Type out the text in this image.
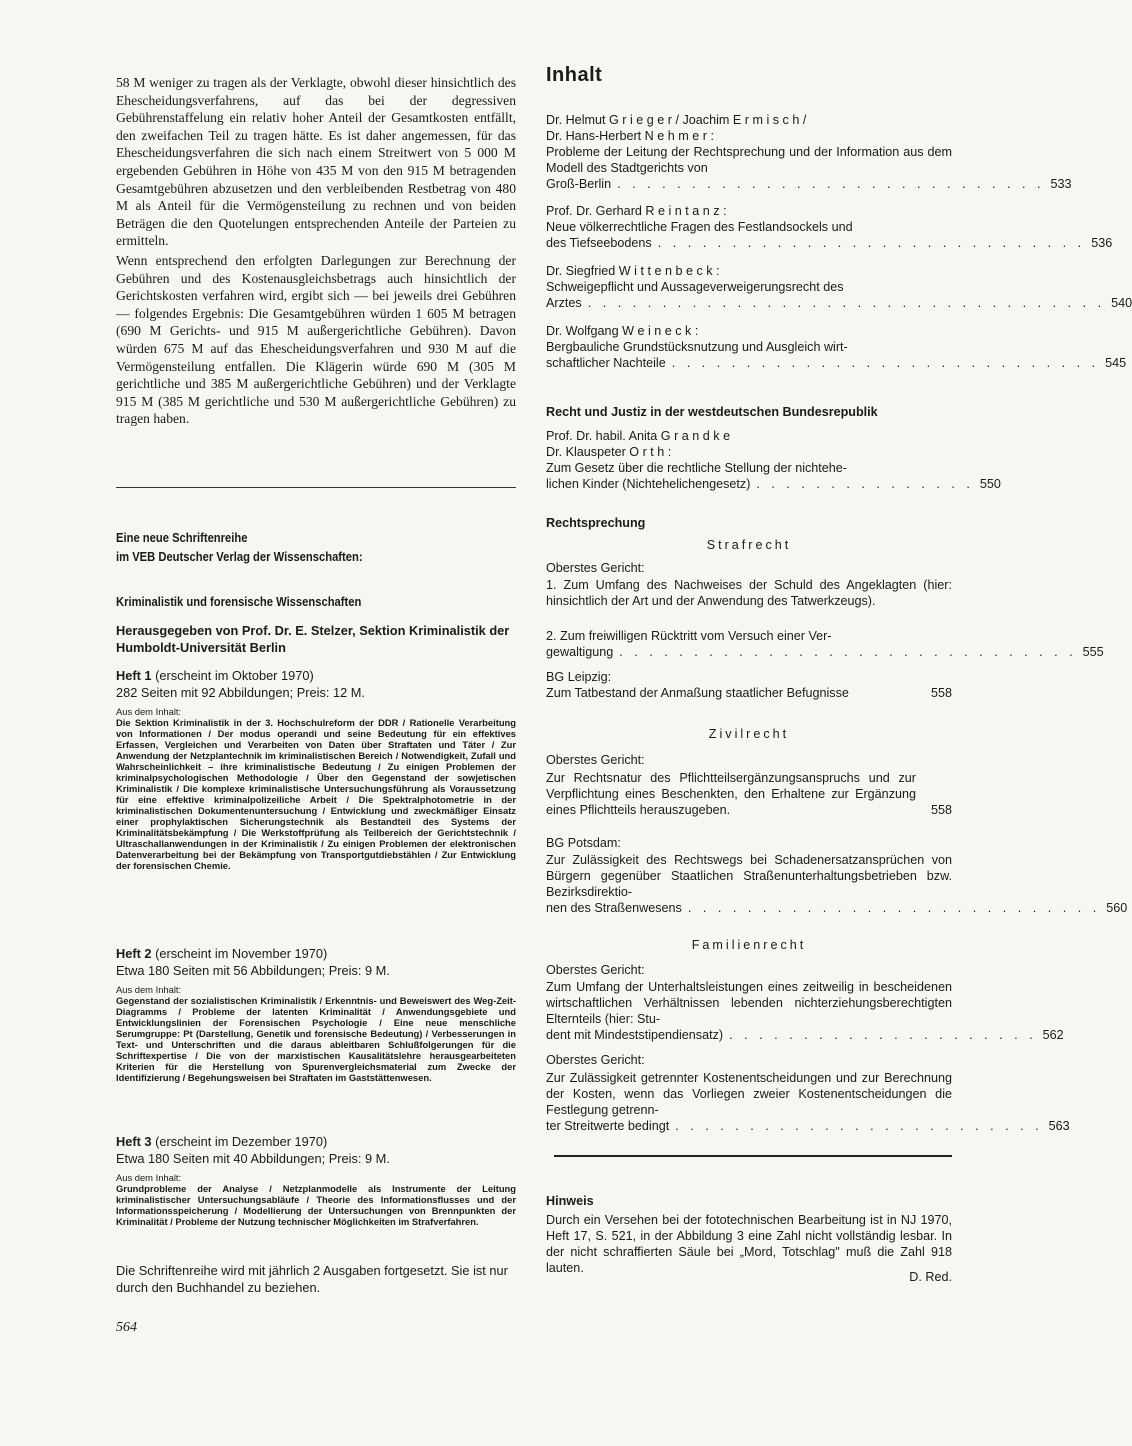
58 M weniger zu tragen als der Verklagte, obwohl dieser hinsichtlich des Ehescheidungsverfahrens, auf das bei der degressiven Gebührenstaffelung ein relativ hoher Anteil der Gesamtkosten entfällt, den zweifachen Teil zu tragen hätte. Es ist daher angemessen, für das Ehescheidungsverfahren die sich nach einem Streitwert von 5 000 M ergebenden Gebühren in Höhe von 435 M von den 915 M betragenden Gesamtgebühren abzusetzen und den verbleibenden Restbetrag von 480 M als Anteil für die Vermögensteilung zu rechnen und von beiden Beträgen die den Quotelungen entsprechenden Anteile der Parteien zu ermitteln.

Wenn entsprechend den erfolgten Darlegungen zur Berechnung der Gebühren und des Kostenausgleichsbetrags auch hinsichtlich der Gerichtskosten verfahren wird, ergibt sich — bei jeweils drei Gebühren — folgendes Ergebnis: Die Gesamtgebühren würden 1 605 M betragen (690 M Gerichts- und 915 M außergerichtliche Gebühren). Davon würden 675 M auf das Ehescheidungsverfahren und 930 M auf die Vermögensteilung entfallen. Die Klägerin würde 690 M (305 M gerichtliche und 385 M außergerichtliche Gebühren) und der Verklagte 915 M (385 M gerichtliche und 530 M außergerichtliche Gebühren) zu tragen haben.

Eine neue Schriftenreihe
im VEB Deutscher Verlag der Wissenschaften:
Kriminalistik und forensische Wissenschaften
Herausgegeben von Prof. Dr. E. Stelzer, Sektion Kriminalistik der Humboldt-Universität Berlin
Heft 1 (erscheint im Oktober 1970)
282 Seiten mit 92 Abbildungen; Preis: 12 M.
Aus dem Inhalt:
Die Sektion Kriminalistik in der 3. Hochschulreform der DDR / Rationelle Verarbeitung von Informationen / Der modus operandi und seine Bedeutung für ein effektives Erfassen, Vergleichen und Verarbeiten von Daten über Straftaten und Täter / Zur Anwendung der Netzplantechnik im kriminalistischen Bereich / Notwendigkeit, Zufall und Wahrscheinlichkeit – ihre kriminalistische Bedeutung / Zu einigen Problemen der kriminalpsychologischen Methodologie / Über den Gegenstand der sowjetischen Kriminalistik / Die komplexe kriminalistische Untersuchungsführung als Voraussetzung für eine effektive kriminalpolizeiliche Arbeit / Die Spektralphotometrie in der kriminalistischen Dokumentenuntersuchung / Entwicklung und zweckmäßiger Einsatz einer prophylaktischen Sicherungstechnik als Bestandteil des Systems der Kriminalitätsbekämpfung / Die Werkstoffprüfung als Teilbereich der Gerichtstechnik / Ultraschallanwendungen in der Kriminalistik / Zu einigen Problemen der elektronischen Datenverarbeitung bei der Bekämpfung von Transportgutdiebstählen / Zur Entwicklung der forensischen Chemie.
Heft 2 (erscheint im November 1970)
Etwa 180 Seiten mit 56 Abbildungen; Preis: 9 M.
Aus dem Inhalt:
Gegenstand der sozialistischen Kriminalistik / Erkenntnis- und Beweiswert des Weg-Zeit-Diagramms / Probleme der latenten Kriminalität / Anwendungsgebiete und Entwicklungslinien der Forensischen Psychologie / Eine neue menschliche Serumgruppe: Pt (Darstellung, Genetik und forensische Bedeutung) / Verbesserungen in Text- und Unterschriften und die daraus ableitbaren Schlußfolgerungen für die Schriftexpertise / Die von der marxistischen Kausalitätslehre herausgearbeiteten Kriterien für die Herstellung von Spurenvergleichsmaterial zum Zwecke der Identifizierung / Begehungsweisen bei Straftaten im Gaststättenwesen.
Heft 3 (erscheint im Dezember 1970)
Etwa 180 Seiten mit 40 Abbildungen; Preis: 9 M.
Aus dem Inhalt:
Grundprobleme der Analyse / Netzplanmodelle als Instrumente der Leitung kriminalistischer Untersuchungsabläufe / Theorie des Informationsflusses und der Informationsspeicherung / Modellierung der Untersuchungen von Brennpunkten der Kriminalität / Probleme der Nutzung technischer Möglichkeiten im Strafverfahren.
Die Schriftenreihe wird mit jährlich 2 Ausgaben fortgesetzt. Sie ist nur durch den Buchhandel zu beziehen.
564
Inhalt
Dr. Helmut G r i e g e r / Joachim E r m i s c h /
Dr. Hans-Herbert N e h m e r :
Probleme der Leitung der Rechtsprechung und der Information aus dem Modell des Stadtgerichts von
Groß-Berlin . . . . . . . . . . . . . . . . . . . . . . . . . . . . . 533
Prof. Dr. Gerhard R e i n t a n z :
Neue völkerrechtliche Fragen des Festlandsockels und
des Tiefseebodens . . . . . . . . . . . . . . . . . . . . . . . . . . . . . 536
Dr. Siegfried W i t t e n b e c k :
Schweigepflicht und Aussageverweigerungsrecht des
Arztes . . . . . . . . . . . . . . . . . . . . . . . . . . . . . . . . . . . 540
Dr. Wolfgang W e i n e c k :
Bergbauliche Grundstücksnutzung und Ausgleich wirt-
schaftlicher Nachteile . . . . . . . . . . . . . . . . . . . . . . . . . . . . . 545
Recht und Justiz in der westdeutschen Bundesrepublik
Prof. Dr. habil. Anita G r a n d k e
Dr. Klauspeter O r t h :
Zum Gesetz über die rechtliche Stellung der nichtehe-
lichen Kinder (Nichtehelichengesetz) . . . . . . . . . . . . . . . 550
Rechtsprechung
Strafrecht
Oberstes Gericht:
1. Zum Umfang des Nachweises der Schuld des Angeklagten (hier: hinsichtlich der Art und der Anwendung des Tatwerkzeugs).
2. Zum freiwilligen Rücktritt vom Versuch einer Ver-
gewaltigung . . . . . . . . . . . . . . . . . . . . . . . . . . . . . . . 555
BG Leipzig:
Zum Tatbestand der Anmaßung staatlicher Befugnisse	558
Zivilrecht
Oberstes Gericht:
Zur Rechtsnatur des Pflichtteilsergänzungsanspruchs und zur Verpflichtung eines Beschenkten, den Erhaltene zur Ergänzung eines Pflichtteils herauszugeben.	558
BG Potsdam:
Zur Zulässigkeit des Rechtswegs bei Schadenersatzansprüchen von Bürgern gegenüber Staatlichen Straßenunterhaltungsbetrieben bzw. Bezirksdirektio-
nen des Straßenwesens . . . . . . . . . . . . . . . . . . . . . . . . . . . . 560
Familienrecht
Oberstes Gericht:
Zum Umfang der Unterhaltsleistungen eines zeitweilig in bescheidenen wirtschaftlichen Verhältnissen lebenden nichterziehungsberechtigten Elternteils (hier: Stu-
dent mit Mindeststipendiensatz) . . . . . . . . . . . . . . . . . . . . . 562
Oberstes Gericht:
Zur Zulässigkeit getrennter Kostenentscheidungen und zur Berechnung der Kosten, wenn das Vorliegen zweier Kostenentscheidungen die Festlegung getrenn-
ter Streitwerte bedingt . . . . . . . . . . . . . . . . . . . . . . . . . 563
Hinweis
Durch ein Versehen bei der fototechnischen Bearbeitung ist in NJ 1970, Heft 17, S. 521, in der Abbildung 3 eine Zahl nicht vollständig lesbar. In der nicht schraffierten Säule bei „Mord, Totschlag" muß die Zahl 918 lauten.
D. Red.
